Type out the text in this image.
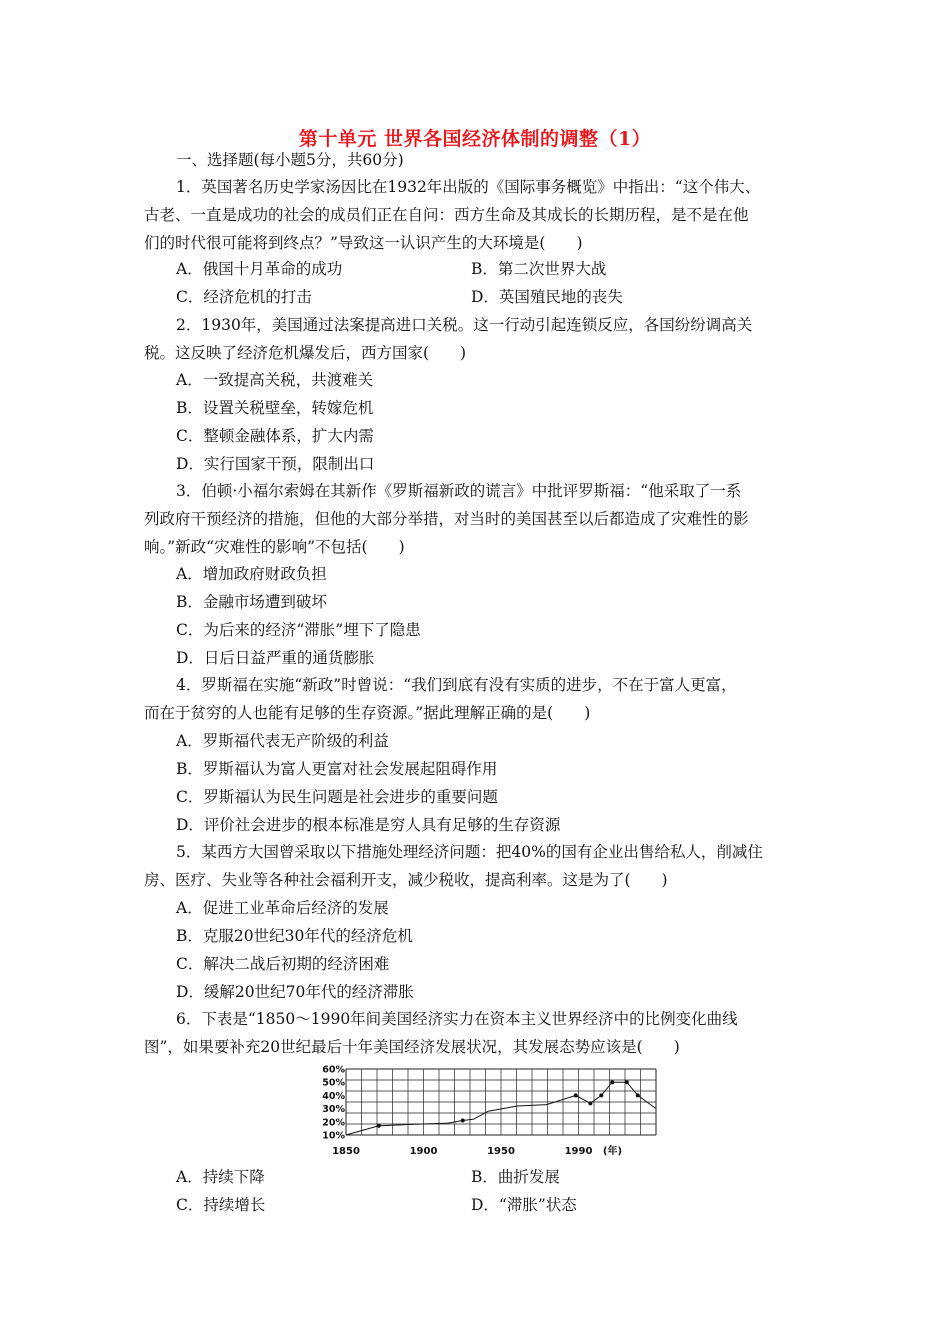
第十单元 世界各国经济体制的调整（1）
一、选择题(每小题5分，共60分)
1．英国著名历史学家汤因比在1932年出版的《国际事务概览》中指出：“这个伟大、
古老、一直是成功的社会的成员们正在自问：西方生命及其成长的长期历程，是不是在他
们的时代很可能将到终点？”导致这一认识产生的大环境是(　　)
A．俄国十月革命的成功	B．第二次世界大战
C．经济危机的打击	D．英国殖民地的丧失
2．1930年，美国通过法案提高进口关税。这一行动引起连锁反应，各国纷纷调高关
税。这反映了经济危机爆发后，西方国家(　　)
A．一致提高关税，共渡难关
B．设置关税壁垒，转嫁危机
C．整顿金融体系，扩大内需
D．实行国家干预，限制出口
3．伯顿·小福尔索姆在其新作《罗斯福新政的谎言》中批评罗斯福：“他采取了一系
列政府干预经济的措施，但他的大部分举措，对当时的美国甚至以后都造成了灾难性的影
响。”新政“灾难性的影响”不包括(　　)
A．增加政府财政负担
B．金融市场遭到破坏
C．为后来的经济“滞胀”埋下了隐患
D．日后日益严重的通货膨胀
4．罗斯福在实施“新政”时曾说：“我们到底有没有实质的进步，不在于富人更富，
而在于贫穷的人也能有足够的生存资源。”据此理解正确的是(　　)
A．罗斯福代表无产阶级的利益
B．罗斯福认为富人更富对社会发展起阻碍作用
C．罗斯福认为民生问题是社会进步的重要问题
D．评价社会进步的根本标准是穷人具有足够的生存资源
5．某西方大国曾采取以下措施处理经济问题：把40%的国有企业出售给私人，削减住
房、医疗、失业等各种社会福利开支，减少税收，提高利率。这是为了(　　)
A．促进工业革命后经济的发展
B．克服20世纪30年代的经济危机
C．解决二战后初期的经济困难
D．缓解20世纪70年代的经济滞胀
6．下表是“1850～1990年间美国经济实力在资本主义世界经济中的比例变化曲线
图”，如果要补充20世纪最后十年美国经济发展状况，其发展态势应该是(　　)
A．持续下降	B．曲折发展
C．持续增长	D．“滞胀”状态
10%
20%
30%
40%
50%
60%
1850	1900	1950	1990 (年)
